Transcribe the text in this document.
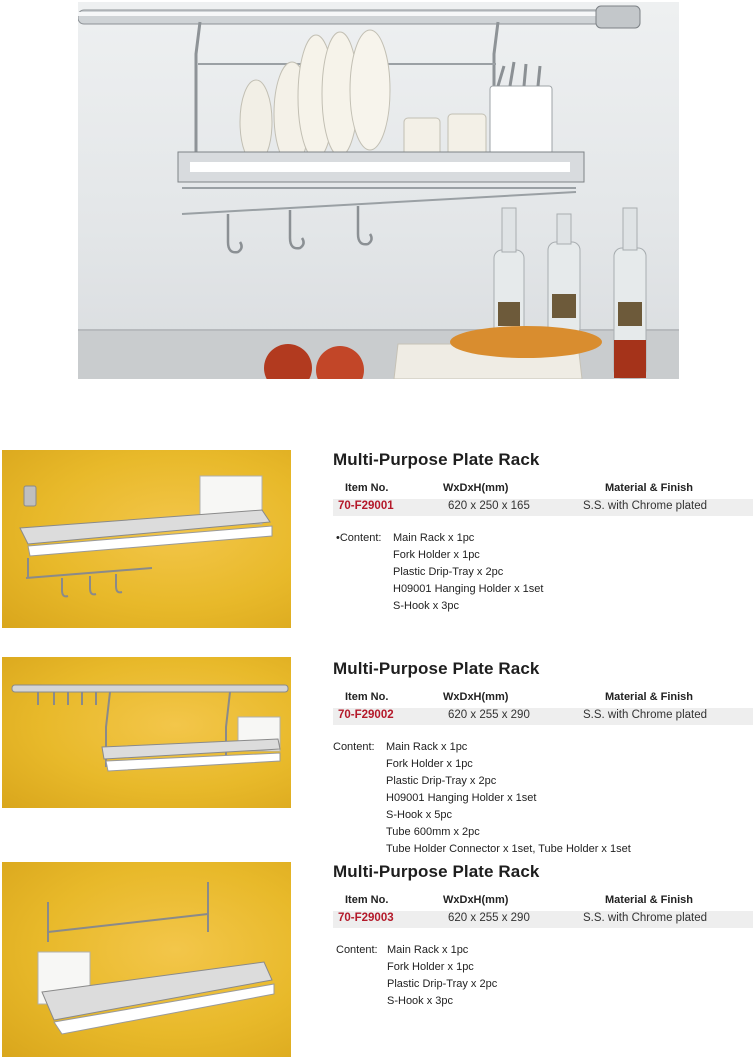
Multi-Purpose Plate Rack
Item No.	WxDxH(mm)	Material & Finish
70-F29001	620 x 250 x 165	S.S. with Chrome plated
•Content: Main Rack x 1pc
Fork Holder x 1pc
Plastic Drip-Tray x 2pc
H09001 Hanging Holder x 1set
S-Hook x 3pc
Multi-Purpose Plate Rack
Item No.	WxDxH(mm)	Material & Finish
70-F29002	620 x 255 x 290	S.S. with Chrome plated
Content: Main Rack x 1pc
Fork Holder x 1pc
Plastic Drip-Tray x 2pc
H09001 Hanging Holder x 1set
S-Hook x 5pc
Tube 600mm x 2pc
Tube Holder Connector x 1set, Tube Holder x 1set
Multi-Purpose Plate Rack
Item No.	WxDxH(mm)	Material & Finish
70-F29003	620 x 255 x 290	S.S. with Chrome plated
Content: Main Rack x 1pc
Fork Holder x 1pc
Plastic Drip-Tray x 2pc
S-Hook x 3pc
